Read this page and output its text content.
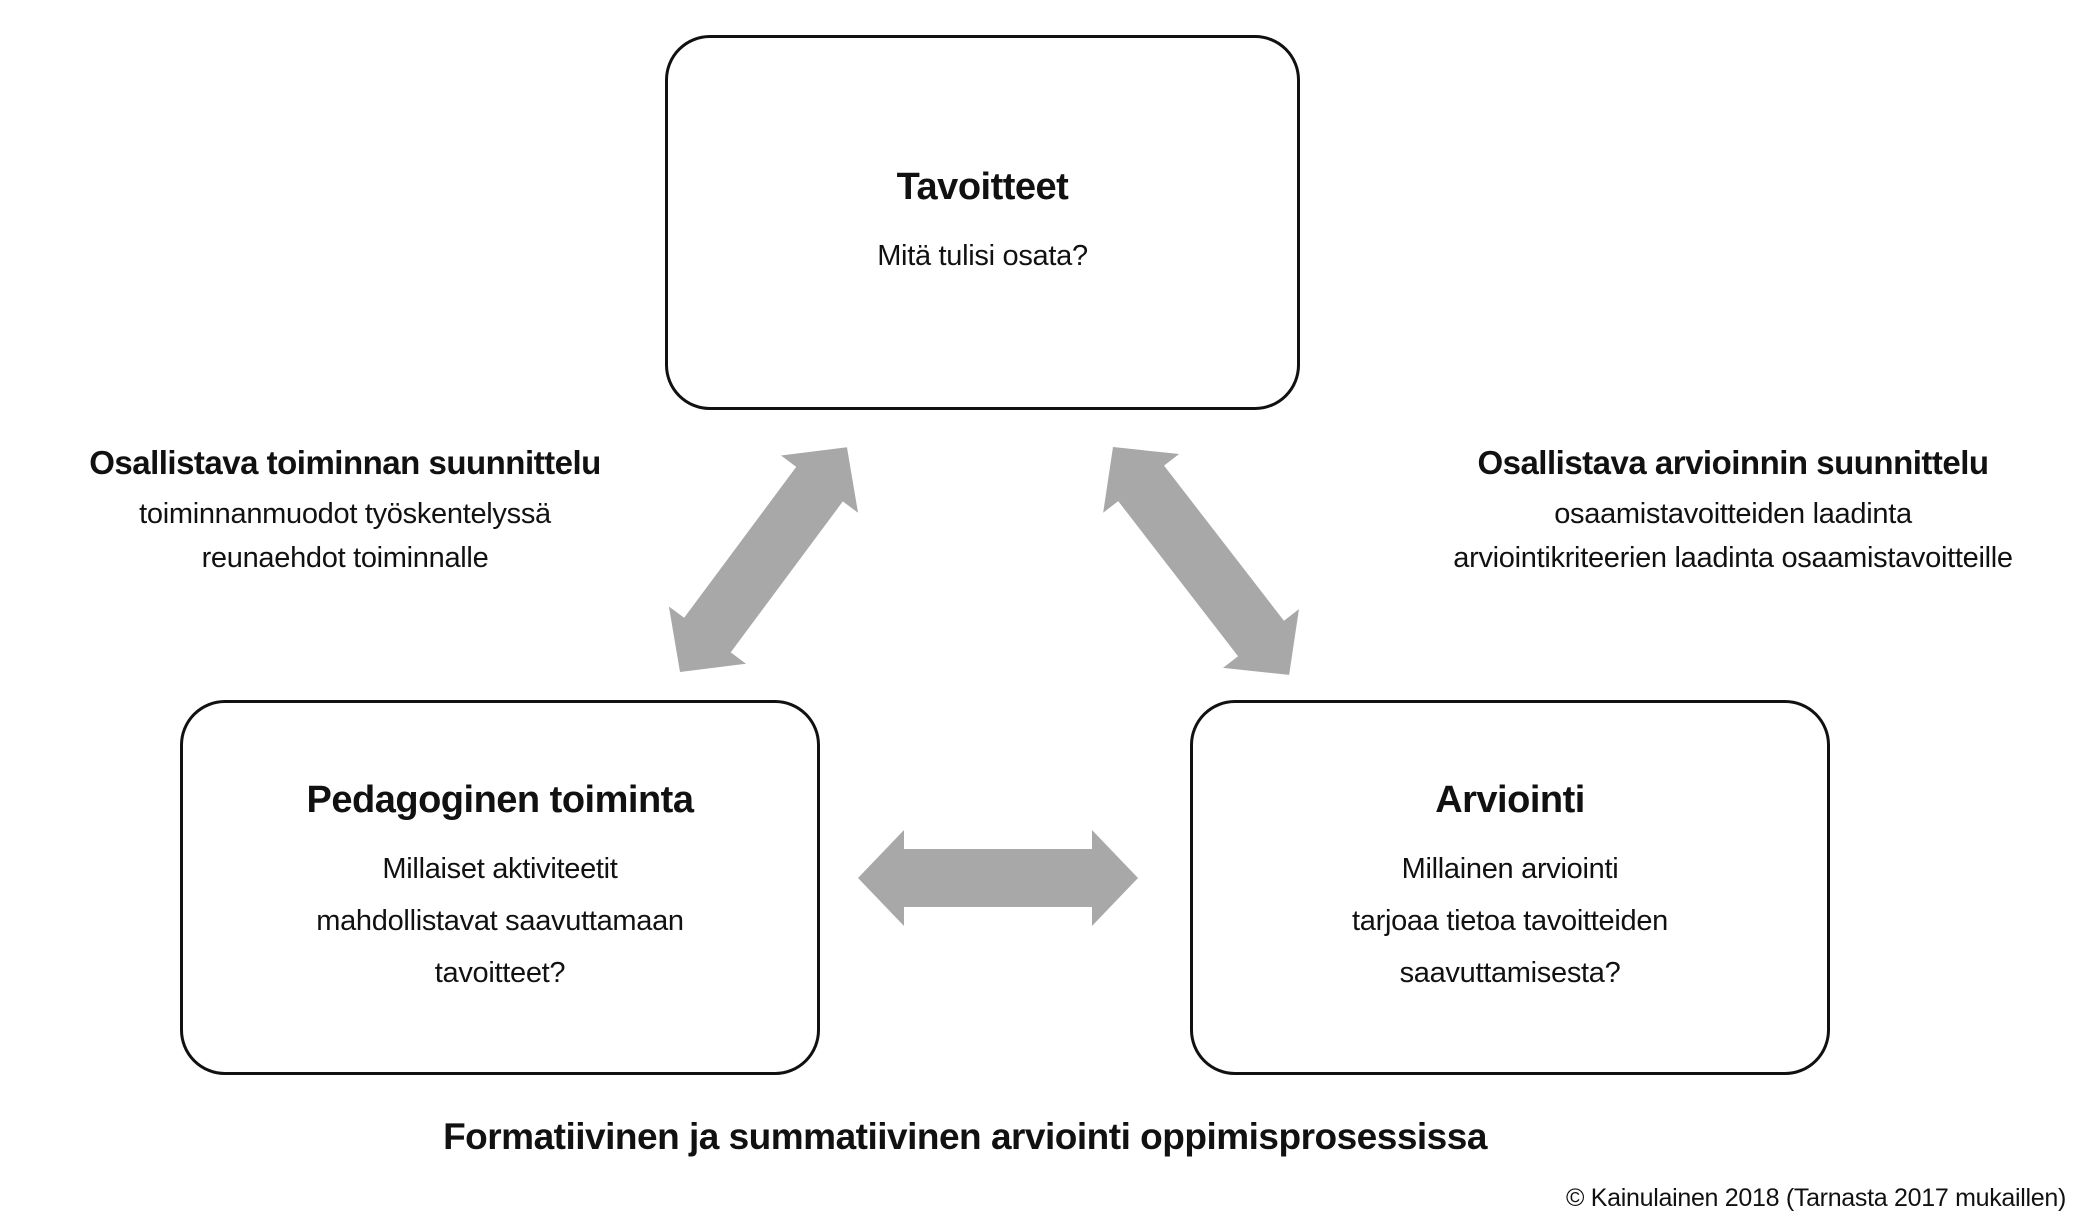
Tavoitteet
Mitä tulisi osata?
Pedagoginen toiminta
Millaiset aktiviteetit
mahdollistavat saavuttamaan
tavoitteet?
Arviointi
Millainen arviointi
tarjoaa tietoa tavoitteiden
saavuttamisesta?
Osallistava toiminnan suunnittelu
toiminnanmuodot työskentelyssä
reunaehdot toiminnalle
Osallistava arvioinnin suunnittelu
osaamistavoitteiden laadinta
arviointikriteerien laadinta osaamistavoitteille
Formatiivinen ja summatiivinen arviointi oppimisprosessissa
© Kainulainen 2018 (Tarnasta 2017 mukaillen)
